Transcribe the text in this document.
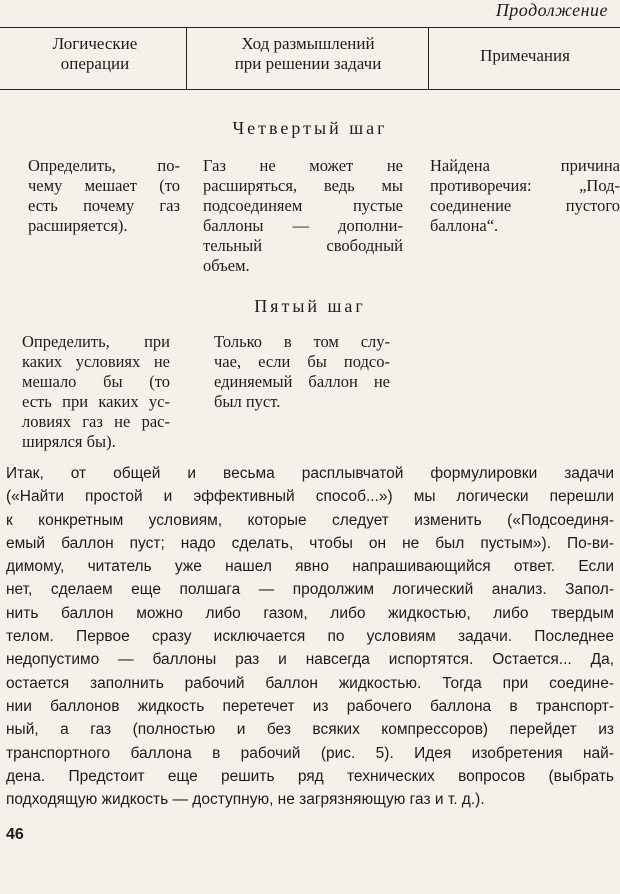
Продолжение
Логические
операции
Ход размышлений
при решении задачи	Примечания
Четвертый шаг
Определить, по-
чему мешает (то
есть почему газ
расширяется).
Газ не может не
расширяться, ведь мы
подсоединяем пустые
баллоны — дополни-
тельный свободный
объем.
Найдена причина
противоречия: „Под-
соединение пустого
баллона“.
Пятый шаг
Определить, при
каких условиях не
мешало бы (то
есть при каких ус-
ловиях газ не рас-
ширялся бы).
Только в том слу-
чае, если бы подсо-
единяемый баллон не
был пуст.
Итак, от общей и весьма расплывчатой формулировки задачи
(«Найти простой и эффективный способ...») мы логически перешли
к конкретным условиям, которые следует изменить («Подсоединя-
емый баллон пуст; надо сделать, чтобы он не был пустым»). По-ви-
димому, читатель уже нашел явно напрашивающийся ответ. Если
нет, сделаем еще полшага — продолжим логический анализ. Запол-
нить баллон можно либо газом, либо жидкостью, либо твердым
телом. Первое сразу исключается по условиям задачи. Последнее
недопустимо — баллоны раз и навсегда испортятся. Остается... Да,
остается заполнить рабочий баллон жидкостью. Тогда при соедине-
нии баллонов жидкость перетечет из рабочего баллона в транспорт-
ный, а газ (полностью и без всяких компрессоров) перейдет из
транспортного баллона в рабочий (рис. 5). Идея изобретения най-
дена. Предстоит еще решить ряд технических вопросов (выбрать
подходящую жидкость — доступную, не загрязняющую газ и т. д.).
46
